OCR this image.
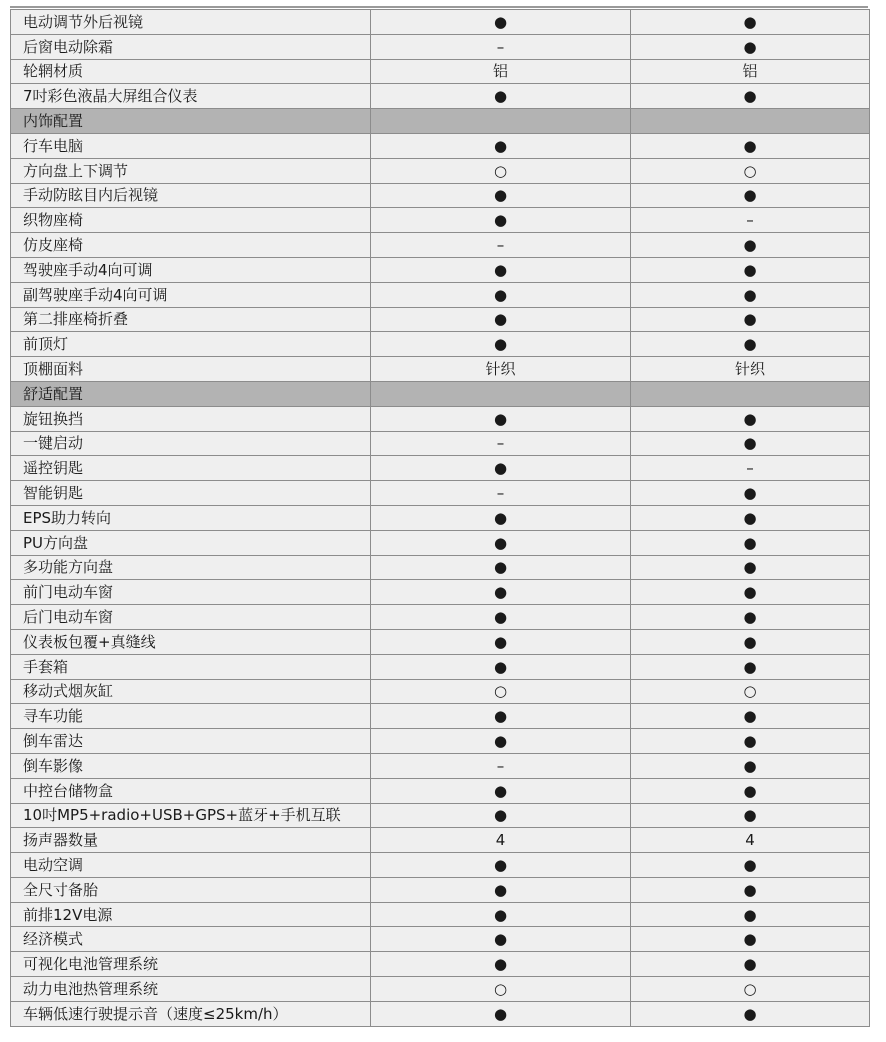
电动调节外后视镜	●	●
后窗电动除霜	–	●
轮辋材质	铝	铝
7吋彩色液晶大屏组合仪表	●	●
内饰配置		
行车电脑	●	●
方向盘上下调节	○	○
手动防眩目内后视镜	●	●
织物座椅	●	–
仿皮座椅	–	●
驾驶座手动4向可调	●	●
副驾驶座手动4向可调	●	●
第二排座椅折叠	●	●
前顶灯	●	●
顶棚面料	针织	针织
舒适配置		
旋钮换挡	●	●
一键启动	–	●
遥控钥匙	●	–
智能钥匙	–	●
EPS助力转向	●	●
PU方向盘	●	●
多功能方向盘	●	●
前门电动车窗	●	●
后门电动车窗	●	●
仪表板包覆+真缝线	●	●
手套箱	●	●
移动式烟灰缸	○	○
寻车功能	●	●
倒车雷达	●	●
倒车影像	–	●
中控台储物盒	●	●
10吋MP5+radio+USB+GPS+蓝牙+手机互联	●	●
扬声器数量	4	4
电动空调	●	●
全尺寸备胎	●	●
前排12V电源	●	●
经济模式	●	●
可视化电池管理系统	●	●
动力电池热管理系统	○	○
车辆低速行驶提示音（速度≤25km/h）	●	●
